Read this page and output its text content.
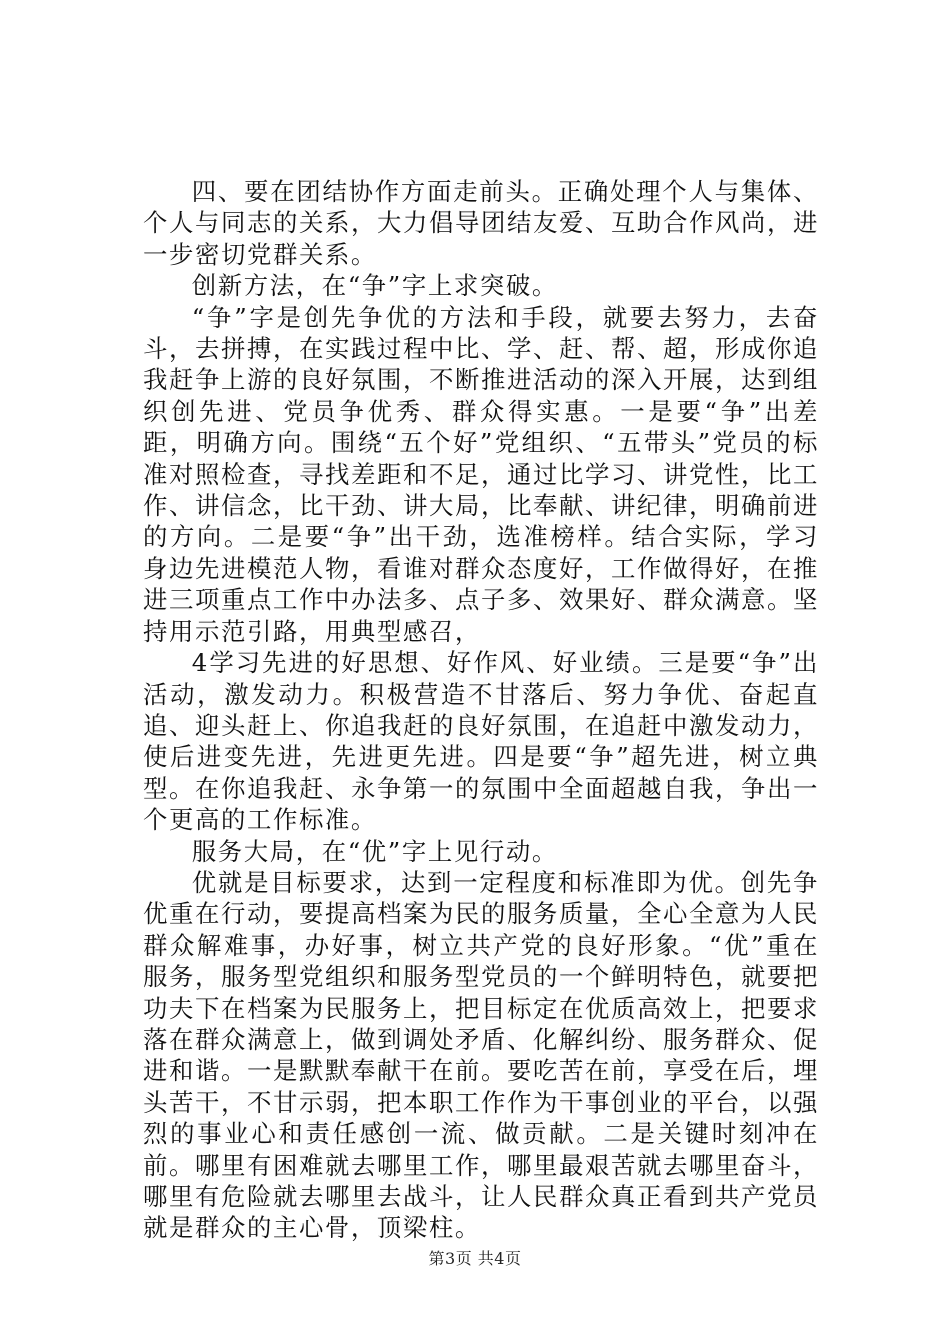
四、要在团结协作方面走前头。正确处理个人与集体、个人与同志的关系，大力倡导团结友爱、互助合作风尚，进一步密切党群关系。

创新方法，在“争”字上求突破。

“争”字是创先争优的方法和手段，就要去努力，去奋斗，去拼搏，在实践过程中比、学、赶、帮、超，形成你追我赶争上游的良好氛围，不断推进活动的深入开展，达到组织创先进、党员争优秀、群众得实惠。一是要“争”出差距，明确方向。围绕“五个好”党组织、“五带头”党员的标准对照检查，寻找差距和不足，通过比学习、讲党性，比工作、讲信念，比干劲、讲大局，比奉献、讲纪律，明确前进的方向。二是要“争”出干劲，选准榜样。结合实际，学习身边先进模范人物，看谁对群众态度好，工作做得好，在推进三项重点工作中办法多、点子多、效果好、群众满意。坚持用示范引路，用典型感召，

4学习先进的好思想、好作风、好业绩。三是要“争”出活动，激发动力。积极营造不甘落后、努力争优、奋起直追、迎头赶上、你追我赶的良好氛围，在追赶中激发动力，使后进变先进，先进更先进。四是要“争”超先进，树立典型。在你追我赶、永争第一的氛围中全面超越自我，争出一个更高的工作标准。

服务大局，在“优”字上见行动。

优就是目标要求，达到一定程度和标准即为优。创先争优重在行动，要提高档案为民的服务质量，全心全意为人民群众解难事，办好事，树立共产党的良好形象。“优”重在服务，服务型党组织和服务型党员的一个鲜明特色，就要把功夫下在档案为民服务上，把目标定在优质高效上，把要求落在群众满意上，做到调处矛盾、化解纠纷、服务群众、促进和谐。一是默默奉献干在前。要吃苦在前，享受在后，埋头苦干，不甘示弱，把本职工作作为干事创业的平台，以强烈的事业心和责任感创一流、做贡献。二是关键时刻冲在前。哪里有困难就去哪里工作，哪里最艰苦就去哪里奋斗，哪里有危险就去哪里去战斗，让人民群众真正看到共产党员就是群众的主心骨，顶梁柱。

第3页 共4页
